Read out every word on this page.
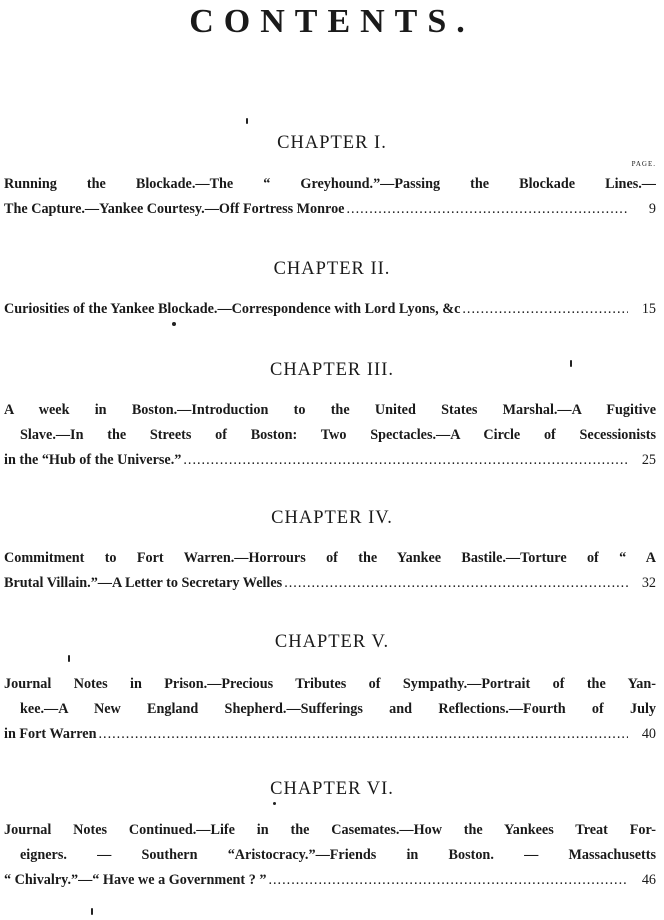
CONTENTS.
PAGE.
CHAPTER I.
Running the Blockade.—The “ Greyhound.”—Passing the Blockade Lines.—
The Capture.—Yankee Courtesy.—Off Fortress Monroe .....	9
CHAPTER II.
Curiosities of the Yankee Blockade.—Correspondence with Lord Lyons, &c .....	15
CHAPTER III.
A week in Boston.—Introduction to the United States Marshal.—A Fugitive
Slave.—In the Streets of Boston: Two Spectacles.—A Circle of Secessionists
in the “Hub of the Universe.” .....	25
CHAPTER IV.
Commitment to Fort Warren.—Horrours of the Yankee Bastile.—Torture of “ A
Brutal Villain.”—A Letter to Secretary Welles .....	32
CHAPTER V.
Journal Notes in Prison.—Precious Tributes of Sympathy.—Portrait of the Yan-
kee.—A New England Shepherd.—Sufferings and Reflections.—Fourth of July
in Fort Warren .....	40
CHAPTER VI.
Journal Notes Continued.—Life in the Casemates.—How the Yankees Treat For-
eigners. — Southern “Aristocracy.”—Friends in Boston. — Massachusetts
“ Chivalry.”—“ Have we a Government ? ” .....	46
